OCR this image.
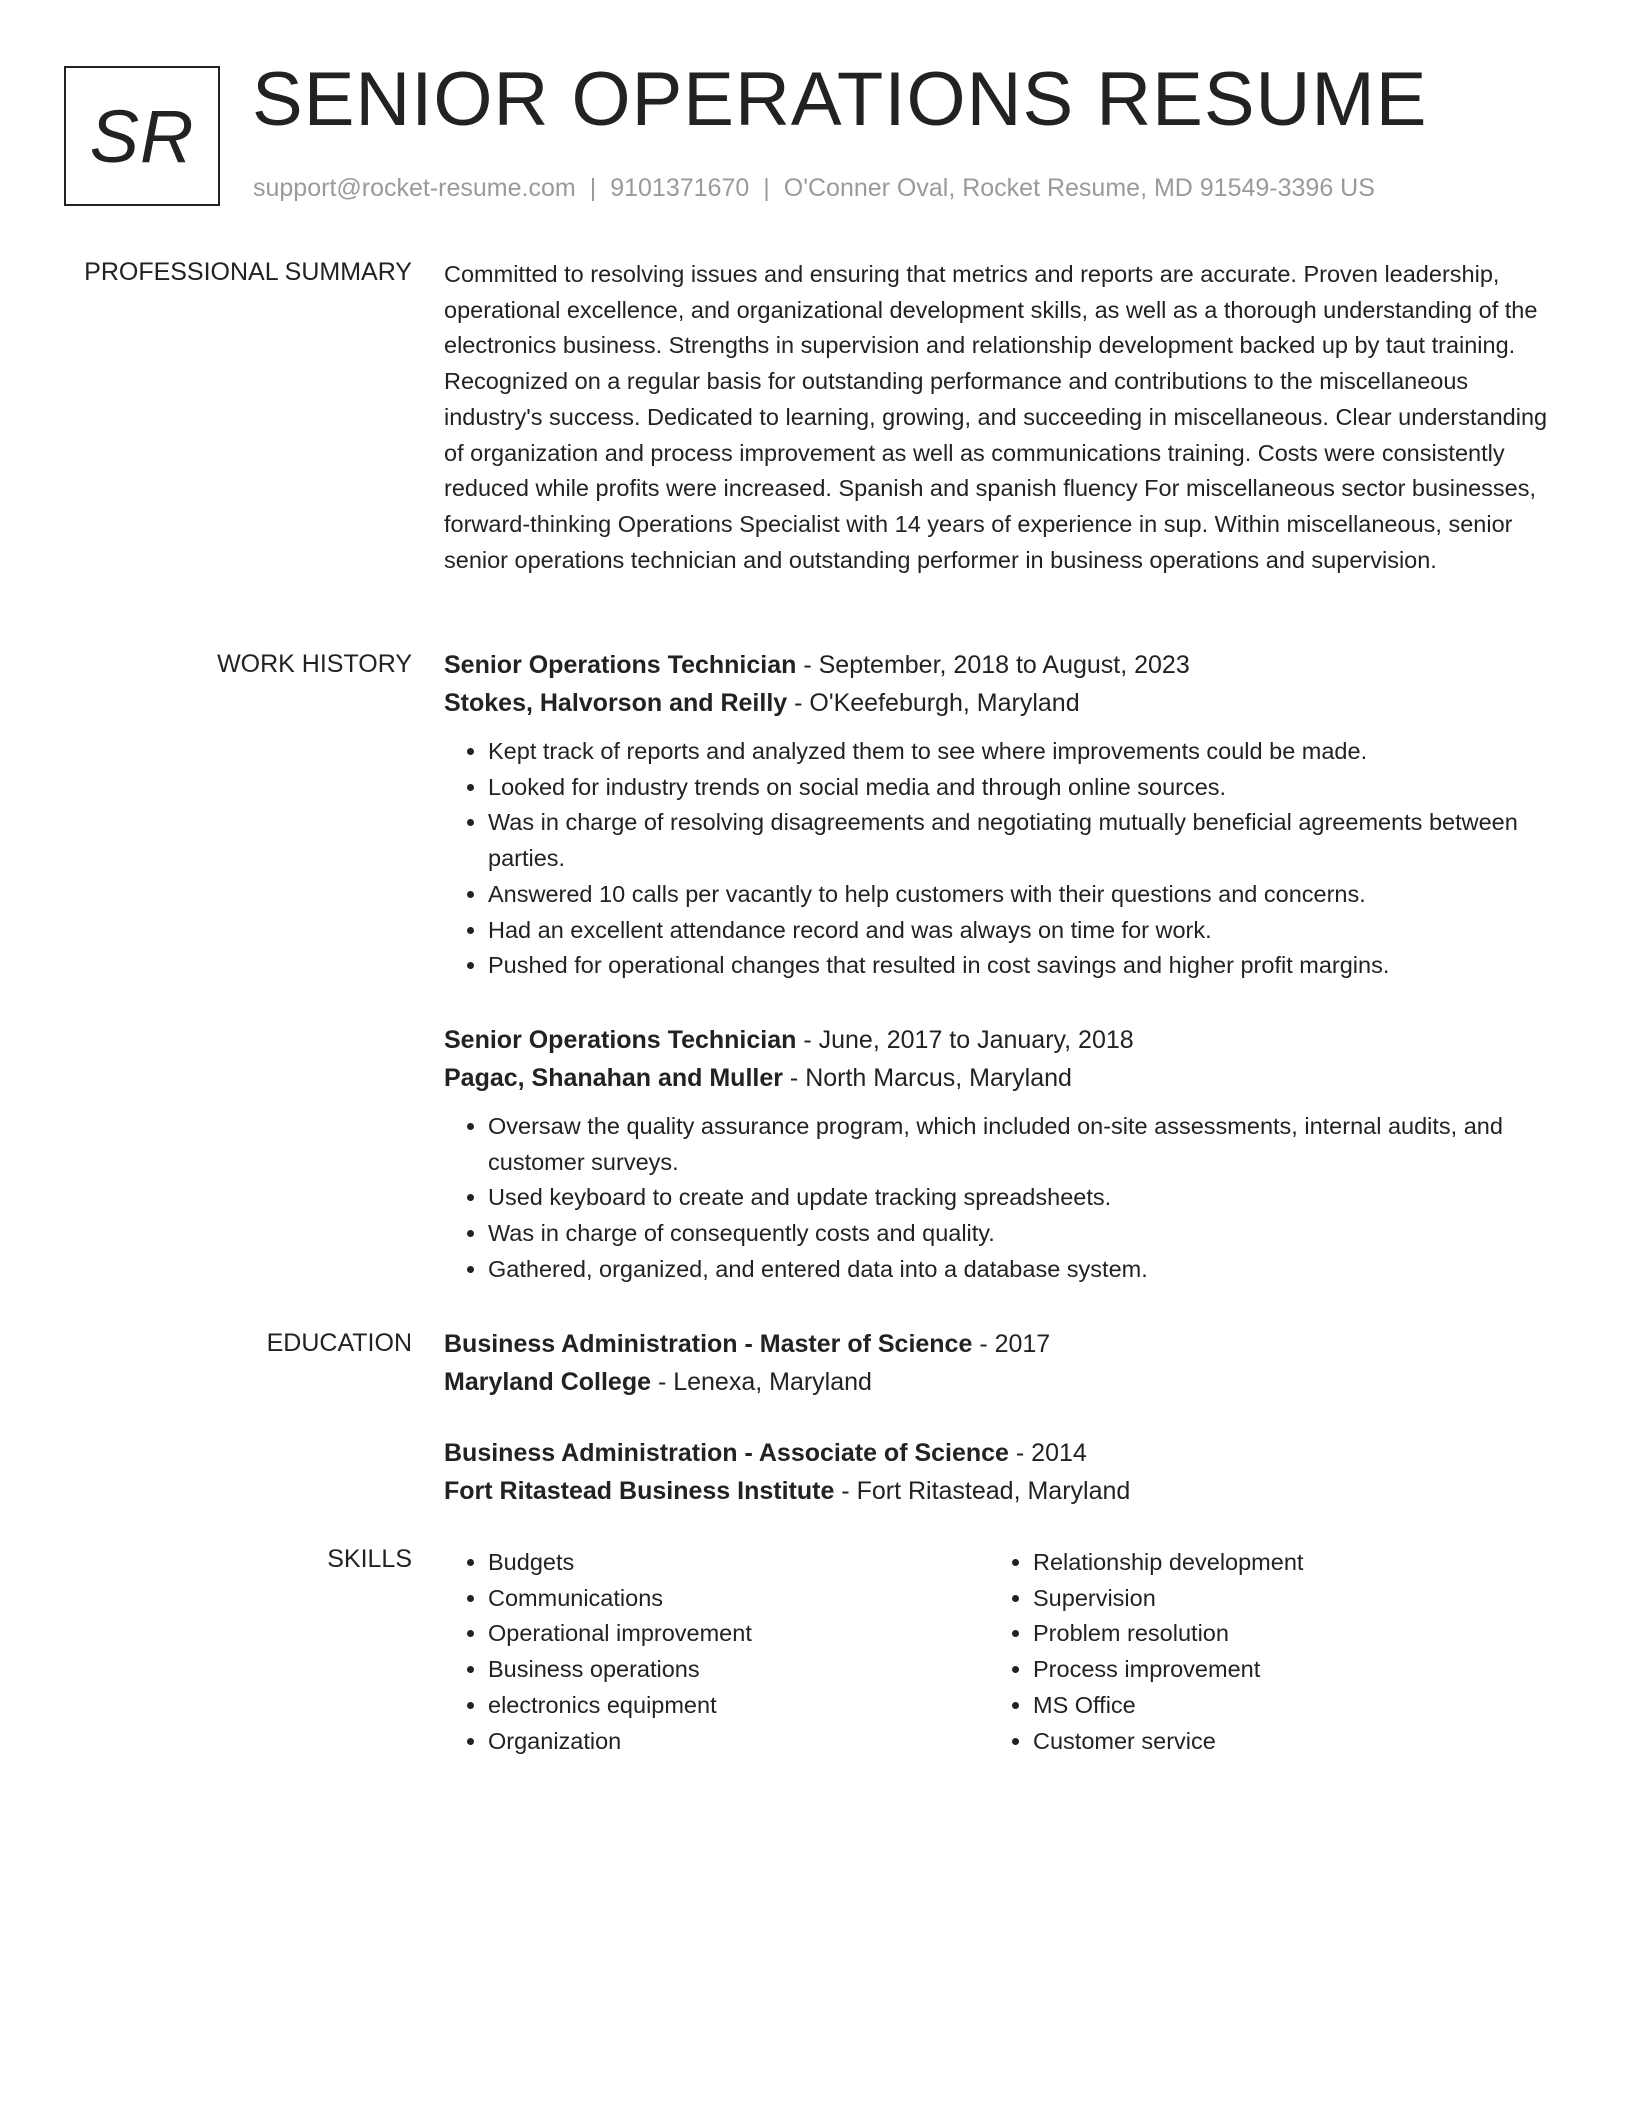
SR SENIOR OPERATIONS RESUME
support@rocket-resume.com | 9101371670 | O'Conner Oval, Rocket Resume, MD 91549-3396 US
PROFESSIONAL SUMMARY Committed to resolving issues and ensuring that metrics and reports are accurate. Proven leadership, operational excellence, and organizational development skills, as well as a thorough understanding of the electronics business. Strengths in supervision and relationship development backed up by taut training. Recognized on a regular basis for outstanding performance and contributions to the miscellaneous industry's success. Dedicated to learning, growing, and succeeding in miscellaneous. Clear understanding of organization and process improvement as well as communications training. Costs were consistently reduced while profits were increased. Spanish and spanish fluency For miscellaneous sector businesses, forward-thinking Operations Specialist with 14 years of experience in sup. Within miscellaneous, senior senior operations technician and outstanding performer in business operations and supervision.

WORK HISTORY Senior Operations Technician - September, 2018 to August, 2023
Stokes, Halvorson and Reilly - O'Keefeburgh, Maryland
• Kept track of reports and analyzed them to see where improvements could be made.
• Looked for industry trends on social media and through online sources.
• Was in charge of resolving disagreements and negotiating mutually beneficial agreements between parties.
• Answered 10 calls per vacantly to help customers with their questions and concerns.
• Had an excellent attendance record and was always on time for work.
• Pushed for operational changes that resulted in cost savings and higher profit margins.
Senior Operations Technician - June, 2017 to January, 2018
Pagac, Shanahan and Muller - North Marcus, Maryland
• Oversaw the quality assurance program, which included on-site assessments, internal audits, and customer surveys.
• Used keyboard to create and update tracking spreadsheets.
• Was in charge of consequently costs and quality.
• Gathered, organized, and entered data into a database system.
EDUCATION Business Administration - Master of Science - 2017
Maryland College - Lenexa, Maryland
Business Administration - Associate of Science - 2014
Fort Ritastead Business Institute - Fort Ritastead, Maryland
SKILLS
•	Budgets
• Communications
• Operational improvement
• Business operations
• electronics equipment
• Organization
• Relationship development
• Supervision
• Problem resolution
• Process improvement
• MS Office
• Customer service
